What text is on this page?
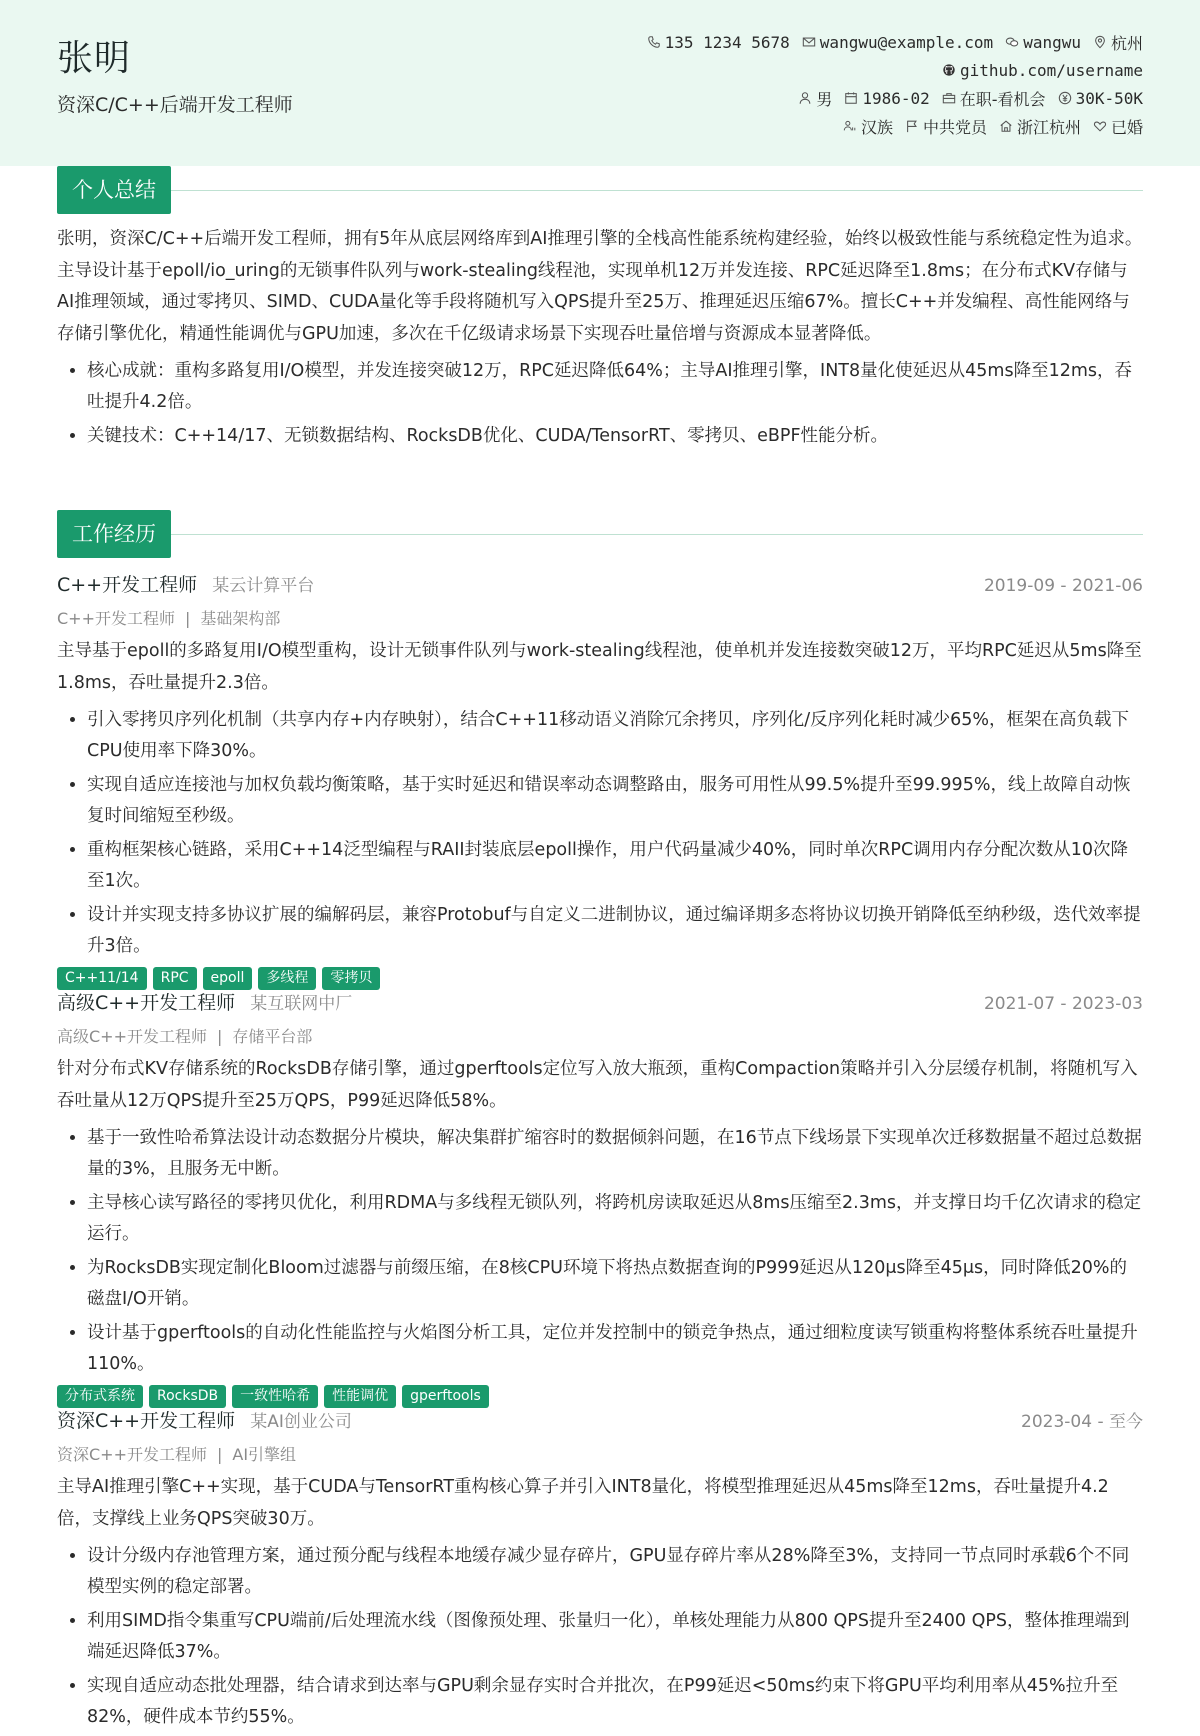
张明
资深C/C++后端开发工程师
135 1234 5678 wangwu@example.com wangwu 杭州
github.com/username
男 1986-02 在职-看机会 30K-50K
汉族 中共党员 浙江杭州 已婚
个人总结

张明，资深C/C++后端开发工程师，拥有5年从底层网络库到AI推理引擎的全栈高性能系统构建经验，始终以极致性能与系统稳定性为追求。主导设计基于epoll/io_uring的无锁事件队列与work-stealing线程池，实现单机12万并发连接、RPC延迟降至1.8ms；在分布式KV存储与AI推理领域，通过零拷贝、SIMD、CUDA量化等手段将随机写入QPS提升至25万、推理延迟压缩67%。擅长C++并发编程、高性能网络与存储引擎优化，精通性能调优与GPU加速，多次在千亿级请求场景下实现吞吐量倍增与资源成本显著降低。

• 核心成就：重构多路复用I/O模型，并发连接突破12万，RPC延迟降低64%；主导AI推理引擎，INT8量化使延迟从45ms降至12ms，吞吐提升4.2倍。
• 关键技术：C++14/17、无锁数据结构、RocksDB优化、CUDA/TensorRT、零拷贝、eBPF性能分析。
工作经历
C++开发工程师 某云计算平台	2019-09 - 2021-06
C++开发工程师 | 基础架构部

主导基于epoll的多路复用I/O模型重构，设计无锁事件队列与work-stealing线程池，使单机并发连接数突破12万，平均RPC延迟从5ms降至1.8ms，吞吐量提升2.3倍。

• 引入零拷贝序列化机制（共享内存+内存映射），结合C++11移动语义消除冗余拷贝，序列化/反序列化耗时减少65%，框架在高负载下CPU使用率下降30%。
• 实现自适应连接池与加权负载均衡策略，基于实时延迟和错误率动态调整路由，服务可用性从99.5%提升至99.995%，线上故障自动恢复时间缩短至秒级。
• 重构框架核心链路，采用C++14泛型编程与RAII封装底层epoll操作，用户代码量减少40%，同时单次RPC调用内存分配次数从10次降至1次。
• 设计并实现支持多协议扩展的编解码层，兼容Protobuf与自定义二进制协议，通过编译期多态将协议切换开销降低至纳秒级，迭代效率提升3倍。
C++11/14	RPC	epoll	多线程	零拷贝
高级C++开发工程师 某互联网中厂	2021-07 - 2023-03
高级C++开发工程师 | 存储平台部

针对分布式KV存储系统的RocksDB存储引擎，通过gperftools定位写入放大瓶颈，重构Compaction策略并引入分层缓存机制，将随机写入吞吐量从12万QPS提升至25万QPS，P99延迟降低58%。

• 基于一致性哈希算法设计动态数据分片模块，解决集群扩缩容时的数据倾斜问题，在16节点下线场景下实现单次迁移数据量不超过总数据量的3%，且服务无中断。
• 主导核心读写路径的零拷贝优化，利用RDMA与多线程无锁队列，将跨机房读取延迟从8ms压缩至2.3ms，并支撑日均千亿次请求的稳定运行。
• 为RocksDB实现定制化Bloom过滤器与前缀压缩，在8核CPU环境下将热点数据查询的P999延迟从120μs降至45μs，同时降低20%的磁盘I/O开销。
• 设计基于gperftools的自动化性能监控与火焰图分析工具，定位并发控制中的锁竞争热点，通过细粒度读写锁重构将整体系统吞吐量提升110%。
分布式系统	RocksDB	一致性哈希	性能调优	gperftools
资深C++开发工程师 某AI创业公司	2023-04 - 至今
资深C++开发工程师 | AI引擎组

主导AI推理引擎C++实现，基于CUDA与TensorRT重构核心算子并引入INT8量化，将模型推理延迟从45ms降至12ms，吞吐量提升4.2倍，支撑线上业务QPS突破30万。

• 设计分级内存池管理方案，通过预分配与线程本地缓存减少显存碎片，GPU显存碎片率从28%降至3%，支持同一节点同时承载6个不同模型实例的稳定部署。
• 利用SIMD指令集重写CPU端前/后处理流水线（图像预处理、张量归一化），单核处理能力从800 QPS提升至2400 QPS，整体推理端到端延迟降低37%。
• 实现自适应动态批处理器，结合请求到达率与GPU剩余显存实时合并批次，在P99延迟<50ms约束下将GPU平均利用率从45%拉升至82%，硬件成本节约55%。
